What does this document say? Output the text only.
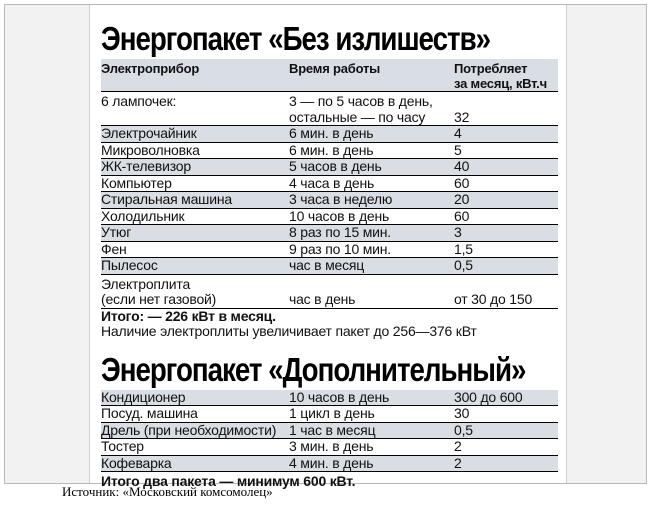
Энергопакет «Без излишеств»
Электроприбор	Время работы	Потребляет
за месяц, кВт.ч

6 лампочек:	3 — по 5 часов в день,
остальные — по часу	32
Электрочайник	6 мин. в день	4
Микроволновка	6 мин. в день	5
ЖК-телевизор	5 часов в день	40
Компьютер	4 часа в день	60
Стиральная машина	3 часа в неделю	20
Холодильник	10 часов в день	60
Утюг	8 раз по 15 мин.	3
Фен	9 раз по 10 мин.	1,5
Пылесос	час в месяц	0,5

Электроплита
(если нет газовой)	час в день	от 30 до 150
Итого: — 226 кВт в месяц.		
Наличие электроплиты увеличивает пакет до 256—376 кВт		
Энергопакет «Дополнительный»
Кондиционер	10 часов в день	300 до 600
Посуд. машина	1 цикл в день	30
Дрель (при необходимости)	1 час в месяц	0,5
Тостер	3 мин. в день	2
Кофеварка	4 мин. в день	2
Итого два пакета — минимум 600 кВт.		
Источник: «Московский комсомолец»
